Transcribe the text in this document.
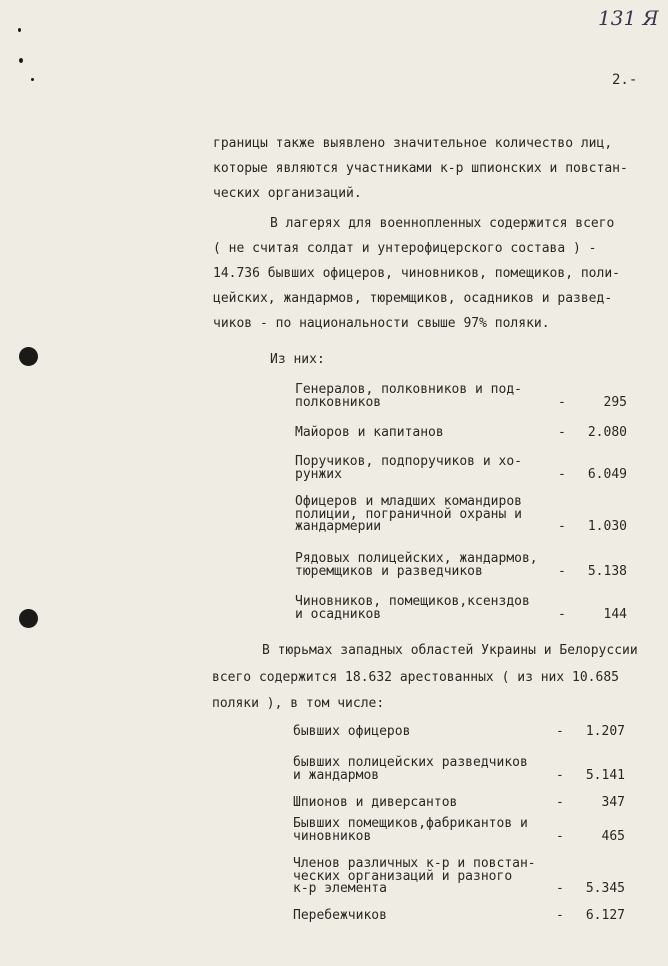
131 Я
2.-
границы также выявлено значительное количество лиц,
которые являются участниками к-р шпионских и повстан-
ческих организаций.
В лагерях для военнопленных содержится всего
( не считая солдат и унтерофицерского состава ) -
14.736 бывших офицеров, чиновников, помещиков, поли-
цейских, жандармов, тюремщиков, осадников и развед-
чиков - по национальности свыше 97% поляки.
Из них:
Генералов, полковников и под-
полковников	-	295
Майоров и капитанов	- 2.080
Поручиков, подпоручиков и хо-
рунжих	- 6.049
Офицеров и младших командиров
полиции, пограничной охраны и
жандармерии	- 1.030
Рядовых полицейских, жандармов,
тюремщиков и разведчиков	- 5.138
Чиновников, помещиков,ксенздов
и осадников	-	144
В тюрьмах западных областей Украины и Белоруссии
всего содержится 18.632 арестованных ( из них 10.685
поляки ), в том числе:
бывших офицеров	- 1.207
бывших полицейских разведчиков
и жандармов	- 5.141
Шпионов и диверсантов	-	347
Бывших помещиков,фабрикантов и
чиновников	-	465
Членов различных к-р и повстан-
ческих организаций и разного
к-р элемента	- 5.345
Перебежчиков	- 6.127
